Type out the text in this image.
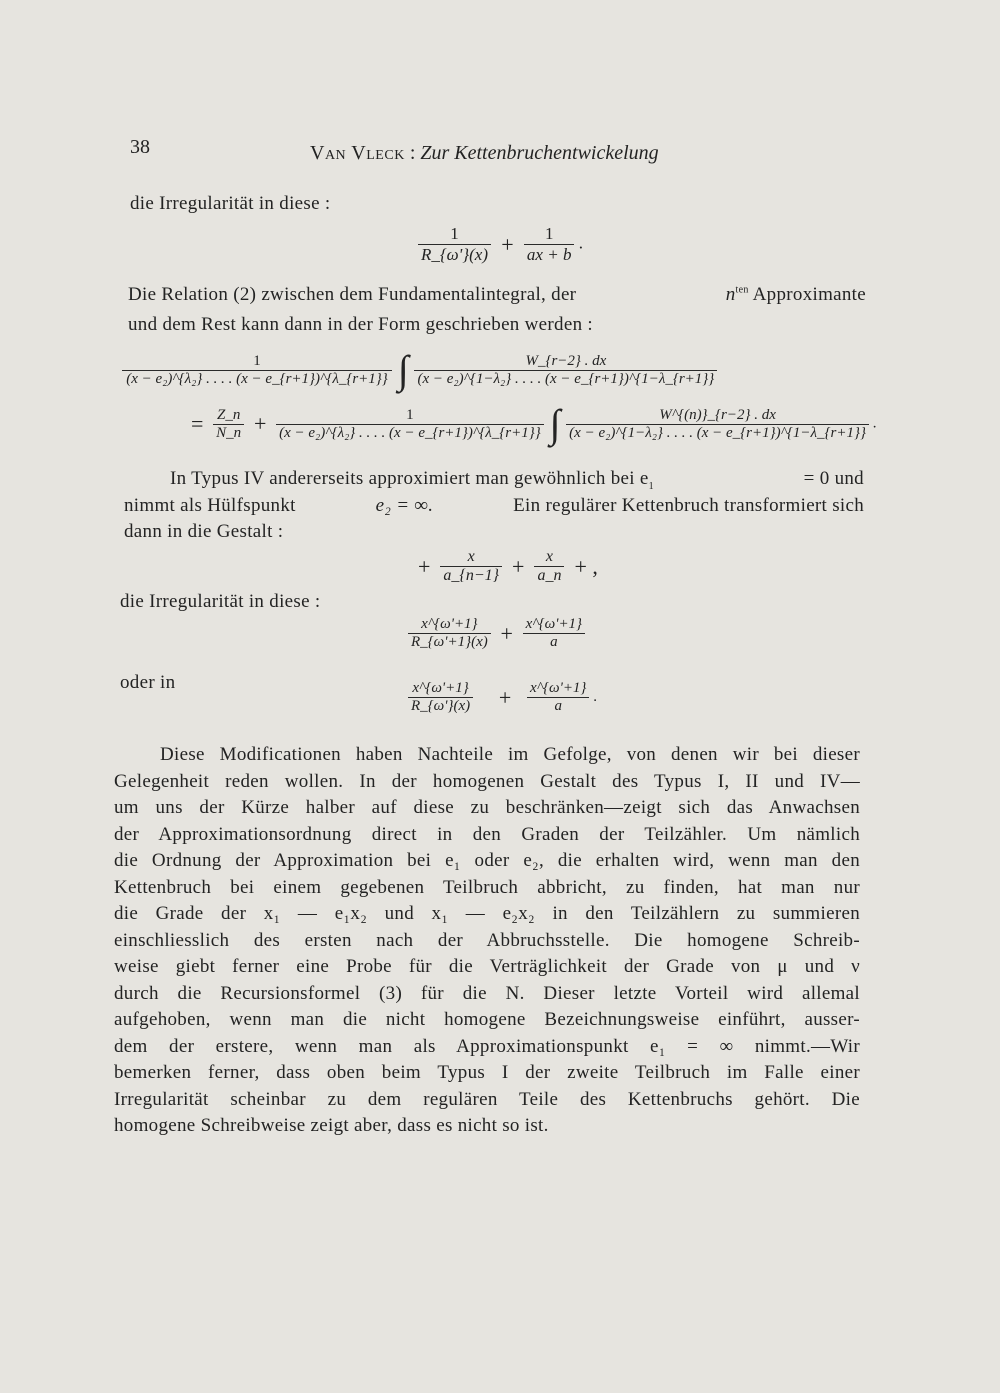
38	Van Vleck : Zur Kettenbruchentwickelung
die Irregularität in diese :
$\frac{1}{R\_\{\omega'\}(x)} + \frac{1}{ax + b}$ .
Die Relation (2) zwischen dem Fundamentalintegral, der	$n^{ten}$ Approximante
und dem Rest kann dann in der Form geschrieben werden :
$\frac{1}{\text{(x − e₂)\textasciicircum{}\{λ₂\} . . . . (x − e\_\{r+1\})\textasciicircum{}\{λ\_\{r+1\}\}}}$ ∫ $\frac{W\_\{r-2\} . dx}{\text{(x − e₂)\textasciicircum{}\{1−λ₂\} . . . . (x − e\_\{r+1\})\textasciicircum{}\{1−λ\_\{r+1\}\}}}$
= $\frac{Z\_n}{N\_n} + \frac{1}{\text{(x − e₂)\textasciicircum{}\{λ₂\} . . . . (x − e\_\{r+1\})\textasciicircum{}\{λ\_\{r+1\}\}}}$ ∫ $\frac{W\^{}\{(n)\}\_\{r-2\} . dx}{\text{(x − e₂)\textasciicircum{}\{1−λ₂\} . . . . (x − e\_\{r+1\})\textasciicircum{}\{1−λ\_\{r+1\}\}}}$ .
In Typus IV andererseits approximiert man gewöhnlich bei $e_1$	= 0 und
nimmt als Hülfspunkt	e₂ = ∞.	Ein regulärer Kettenbruch transformiert sich
dann in die Gestalt :
+ $\frac{x}{a\_\{n-1\}} + \frac{x}{a\_n}$ + ,
die Irregularität in diese :
$\frac{x\^{}\{\omega'+1\}}{R\_\{\omega'+1\}(x)} + \frac{x\^{}\{\omega'+1\}}{a}$
oder in	$\frac{x\^{}\{\omega'+1\}}{R\_\{\omega'\}(x)} + \frac{x\^{}\{\omega'+1\}}{a}$ .
Diese Modificationen haben Nachteile im Gefolge, von denen wir bei dieser
Gelegenheit reden wollen. In der homogenen Gestalt des Typus I, II und IV—
um uns der Kürze halber auf diese zu beschränken—zeigt sich das Anwachsen
der Approximationsordnung direct in den Graden der Teilzähler. Um nämlich
die Ordnung der Approximation bei e₁ oder e₂, die erhalten wird, wenn man den
Kettenbruch bei einem gegebenen Teilbruch abbricht, zu finden, hat man nur
die Grade der x₁ — e₁x₂ und x₁ — e₂x₂ in den Teilzählern zu summieren
einschliesslich des ersten nach der Abbruchsstelle. Die homogene Schreib-
weise giebt ferner eine Probe für die Verträglichkeit der Grade von μ und ν
durch die Recursionsformel (3) für die N. Dieser letzte Vorteil wird allemal
aufgehoben, wenn man die nicht homogene Bezeichnungsweise einführt, ausser-
dem der erstere, wenn man als Approximationspunkt e₁ = ∞ nimmt.—Wir
bemerken ferner, dass oben beim Typus I der zweite Teilbruch im Falle einer
Irregularität scheinbar zu dem regulären Teile des Kettenbruchs gehört. Die
homogene Schreibweise zeigt aber, dass es nicht so ist.
